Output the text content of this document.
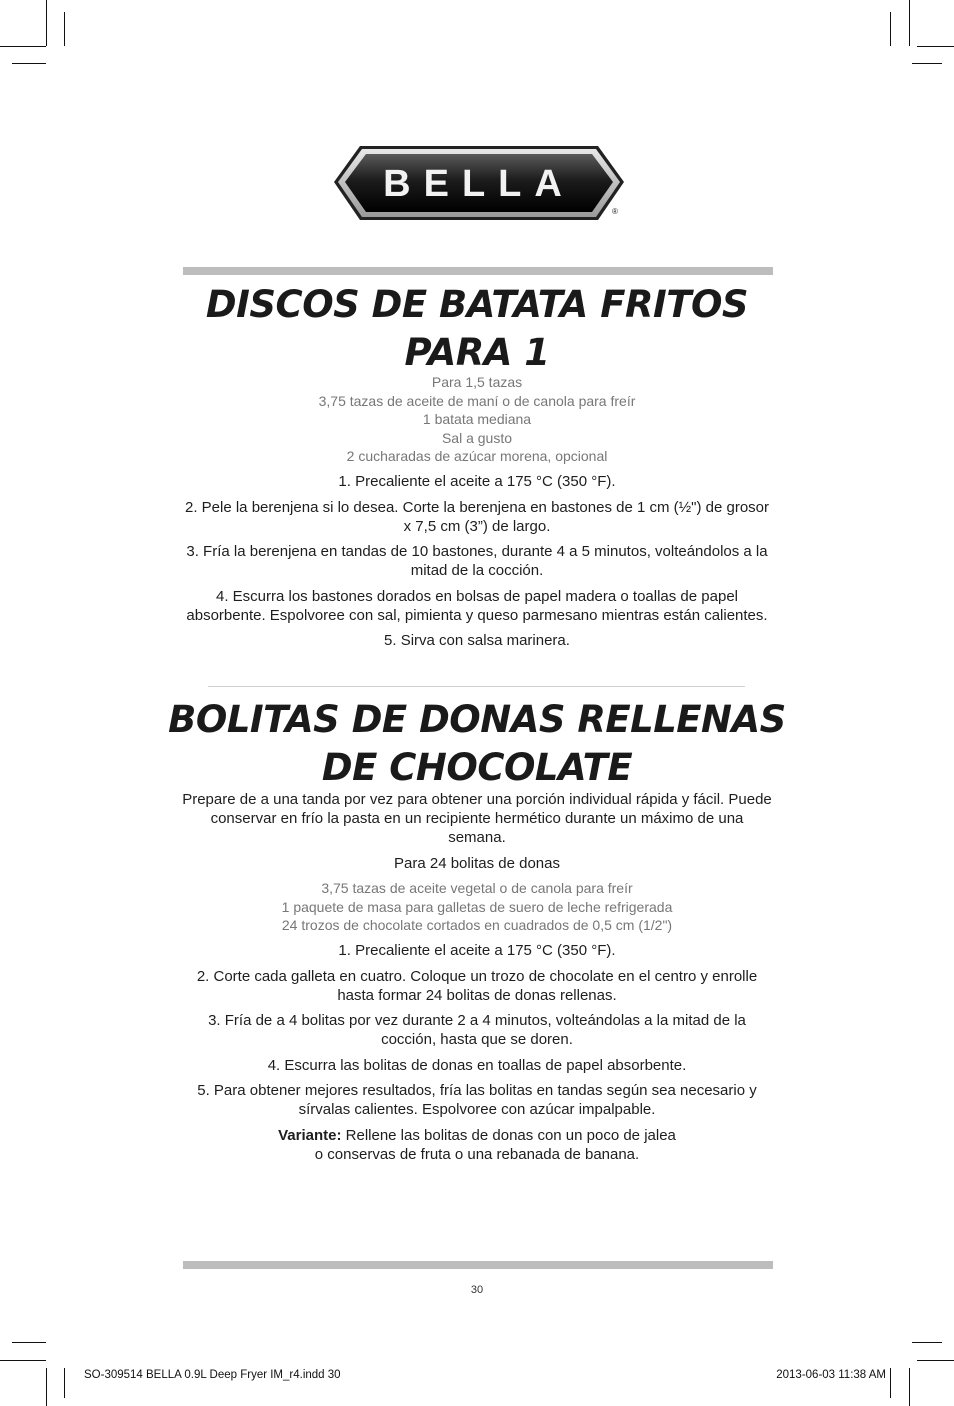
BELLA
®
DISCOS DE BATATA FRITOS
PARA 1
Para 1,5 tazas
3,75 tazas de aceite de maní o de canola para freír
1 batata mediana
Sal a gusto
2 cucharadas de azúcar morena, opcional

1. Precaliente el aceite a 175 °C (350 °F).

2. Pele la berenjena si lo desea. Corte la berenjena en bastones de 1 cm (½") de grosor x 7,5 cm (3”) de largo.

3. Fría la berenjena en tandas de 10 bastones, durante 4 a 5 minutos, volteándolos a la mitad de la cocción.

4. Escurra los bastones dorados en bolsas de papel madera o toallas de papel absorbente. Espolvoree con sal, pimienta y queso parmesano mientras están calientes.

5. Sirva con salsa marinera.

BOLITAS DE DONAS RELLENAS
DE CHOCOLATE

Prepare de a una tanda por vez para obtener una porción individual rápida y fácil. Puede conservar en frío la pasta en un recipiente hermético durante un máximo de una semana.

Para 24 bolitas de donas

3,75 tazas de aceite vegetal o de canola para freír
1 paquete de masa para galletas de suero de leche refrigerada
24 trozos de chocolate cortados en cuadrados de 0,5 cm (1/2")

1. Precaliente el aceite a 175 °C (350 °F).

2. Corte cada galleta en cuatro. Coloque un trozo de chocolate en el centro y enrolle hasta formar 24 bolitas de donas rellenas.

3. Fría de a 4 bolitas por vez durante 2 a 4 minutos, volteándolas a la mitad de la cocción, hasta que se doren.

4. Escurra las bolitas de donas en toallas de papel absorbente.

5. Para obtener mejores resultados, fría las bolitas en tandas según sea necesario y sírvalas calientes. Espolvoree con azúcar impalpable.

Variante: Rellene las bolitas de donas con un poco de jalea
o conservas de fruta o una rebanada de banana.

30
SO-309514 BELLA 0.9L Deep Fryer IM_r4.indd 30	2013-06-03 11:38 AM
